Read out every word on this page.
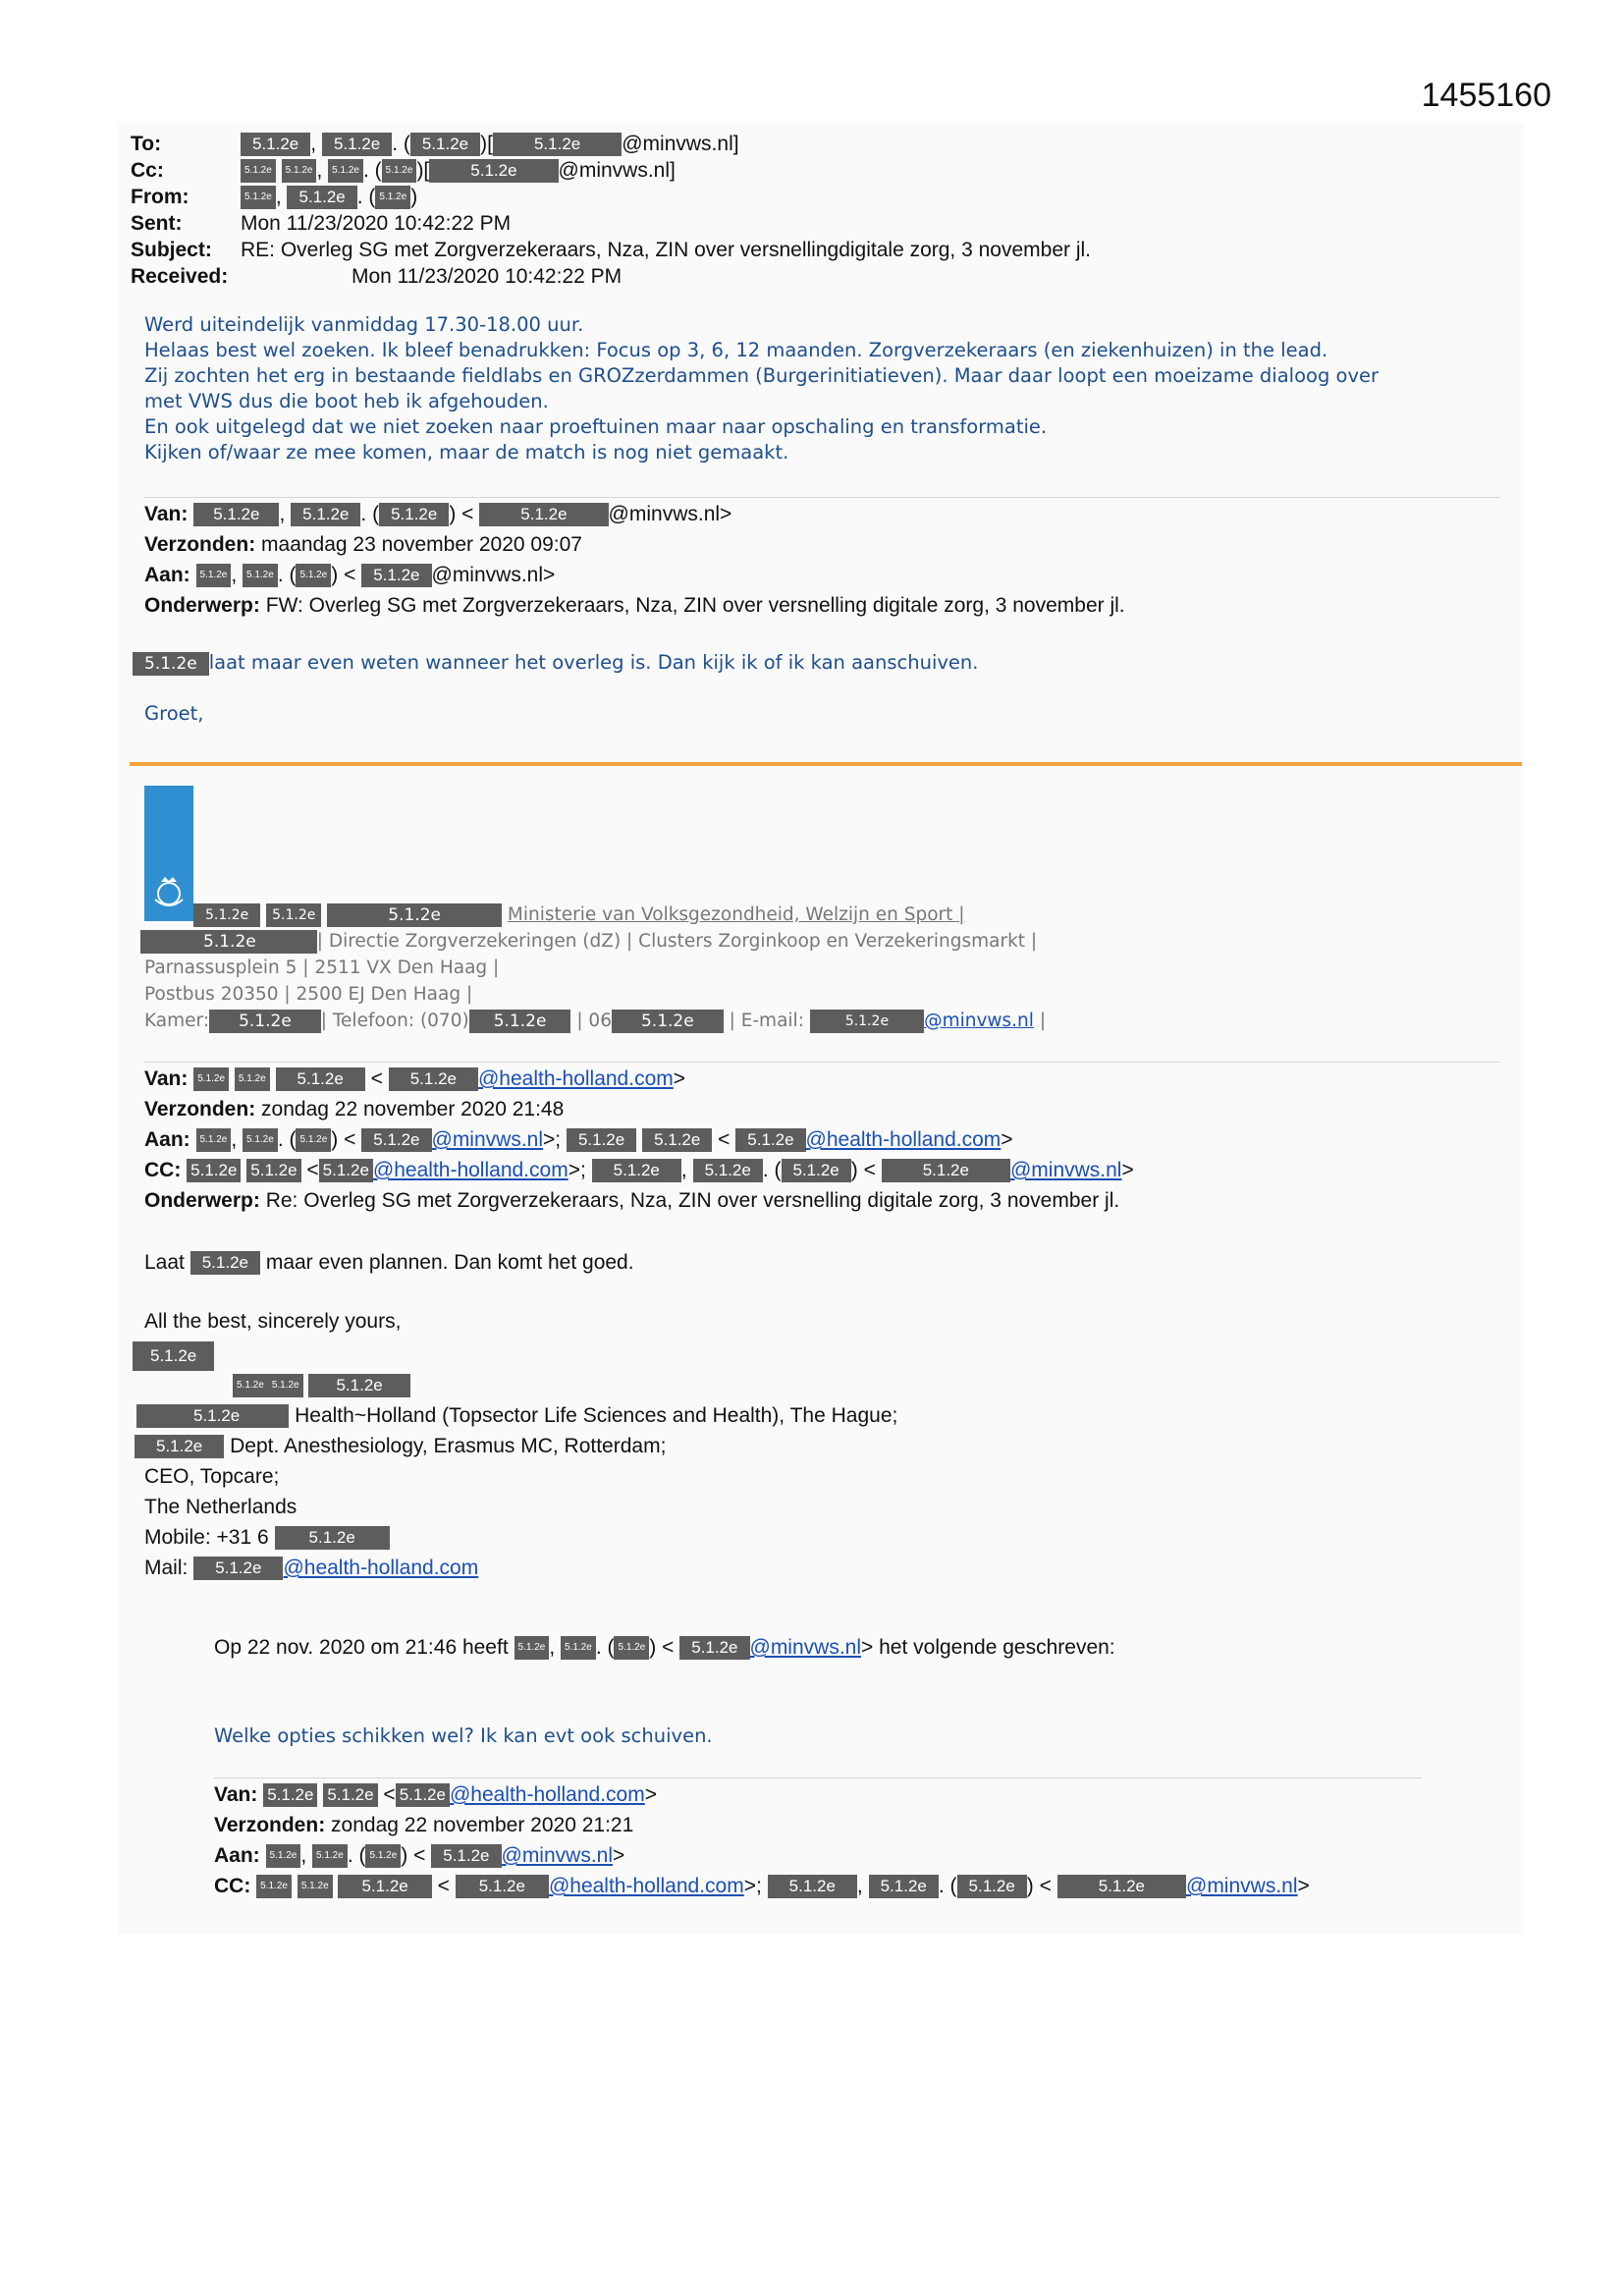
1455160
To:	5.1.2e , 5.1.2e . ( 5.1.2e )[ 5.1.2e @minvws.nl]
Cc:	5.1.2e 5.1.2e , 5.1.2e . ( 5.1.2e )[ 5.1.2e @minvws.nl]
From:	5.1.2e , 5.1.2e . ( 5.1.2e )
Sent:	Mon 11/23/2020 10:42:22 PM
Subject: RE: Overleg SG met Zorgverzekeraars, Nza, ZIN over versnellingdigitale zorg, 3 november jl.
Received:	Mon 11/23/2020 10:42:22 PM
Werd uiteindelijk vanmiddag 17.30-18.00 uur.
Helaas best wel zoeken. Ik bleef benadrukken: Focus op 3, 6, 12 maanden. Zorgverzekeraars (en ziekenhuizen) in the lead.
Zij zochten het erg in bestaande fieldlabs en GROZzerdammen (Burgerinitiatieven). Maar daar loopt een moeizame dialoog over
met VWS dus die boot heb ik afgehouden.
En ook uitgelegd dat we niet zoeken naar proeftuinen maar naar opschaling en transformatie.
Kijken of/waar ze mee komen, maar de match is nog niet gemaakt.
Van: 5.1.2e , 5.1.2e . ( 5.1.2e ) < 5.1.2e @minvws.nl>
Verzonden: maandag 23 november 2020 09:07
Aan: 5.1.2e , 5.1.2e . ( 5.1.2e ) < 5.1.2e @minvws.nl>
Onderwerp: FW: Overleg SG met Zorgverzekeraars, Nza, ZIN over versnelling digitale zorg, 3 november jl.
5.1.2e laat maar even weten wanneer het overleg is. Dan kijk ik of ik kan aanschuiven.
Groet,
5.1.2e 5.1.2e	5.1.2e	Ministerie van Volksgezondheid, Welzijn en Sport |
5.1.2e	| Directie Zorgverzekeringen (dZ) | Clusters Zorginkoop en Verzekeringsmarkt |
Parnassusplein 5 | 2511 VX Den Haag |
Postbus 20350 | 2500 EJ Den Haag |
Kamer: 5.1.2e | Telefoon: (070) 5.1.2e | 06 5.1.2e | E-mail:	5.1.2e @minvws.nl |
Van: 5.1.2e 5.1.2e 5.1.2e < 5.1.2e @health-holland.com>
Verzonden: zondag 22 november 2020 21:48
Aan: 5.1.2e , 5.1.2e . ( 5.1.2e ) < 5.1.2e @minvws.nl>; 5.1.2e 5.1.2e < 5.1.2e @health-holland.com>
CC: 5.1.2e 5.1.2e < 5.1.2e @health-holland.com>; 5.1.2e , 5.1.2e . ( 5.1.2e ) < 5.1.2e @minvws.nl>
Onderwerp: Re: Overleg SG met Zorgverzekeraars, Nza, ZIN over versnelling digitale zorg, 3 november jl.
Laat 5.1.2e maar even plannen. Dan komt het goed.
All the best, sincerely yours,
5.1.2e
5.1.2e 5.1.2e 5.1.2e
5.1.2e	Health~Holland (Topsector Life Sciences and Health), The Hague;
5.1.2e Dept. Anesthesiology, Erasmus MC, Rotterdam;
CEO, Topcare;
The Netherlands
Mobile: +31 6 5.1.2e
Mail: 5.1.2e @health-holland.com
Op 22 nov. 2020 om 21:46 heeft 5.1.2e , 5.1.2e . ( 5.1.2e ) < 5.1.2e @minvws.nl> het volgende geschreven:
Welke opties schikken wel? Ik kan evt ook schuiven.
Van: 5.1.2e 5.1.2e < 5.1.2e @health-holland.com>
Verzonden: zondag 22 november 2020 21:21
Aan: 5.1.2e , 5.1.2e . ( 5.1.2e ) < 5.1.2e @minvws.nl>
CC: 5.1.2e 5.1.2e 5.1.2e < 5.1.2e @health-holland.com>; 5.1.2e , 5.1.2e . ( 5.1.2e ) < 5.1.2e @minvws.nl>
